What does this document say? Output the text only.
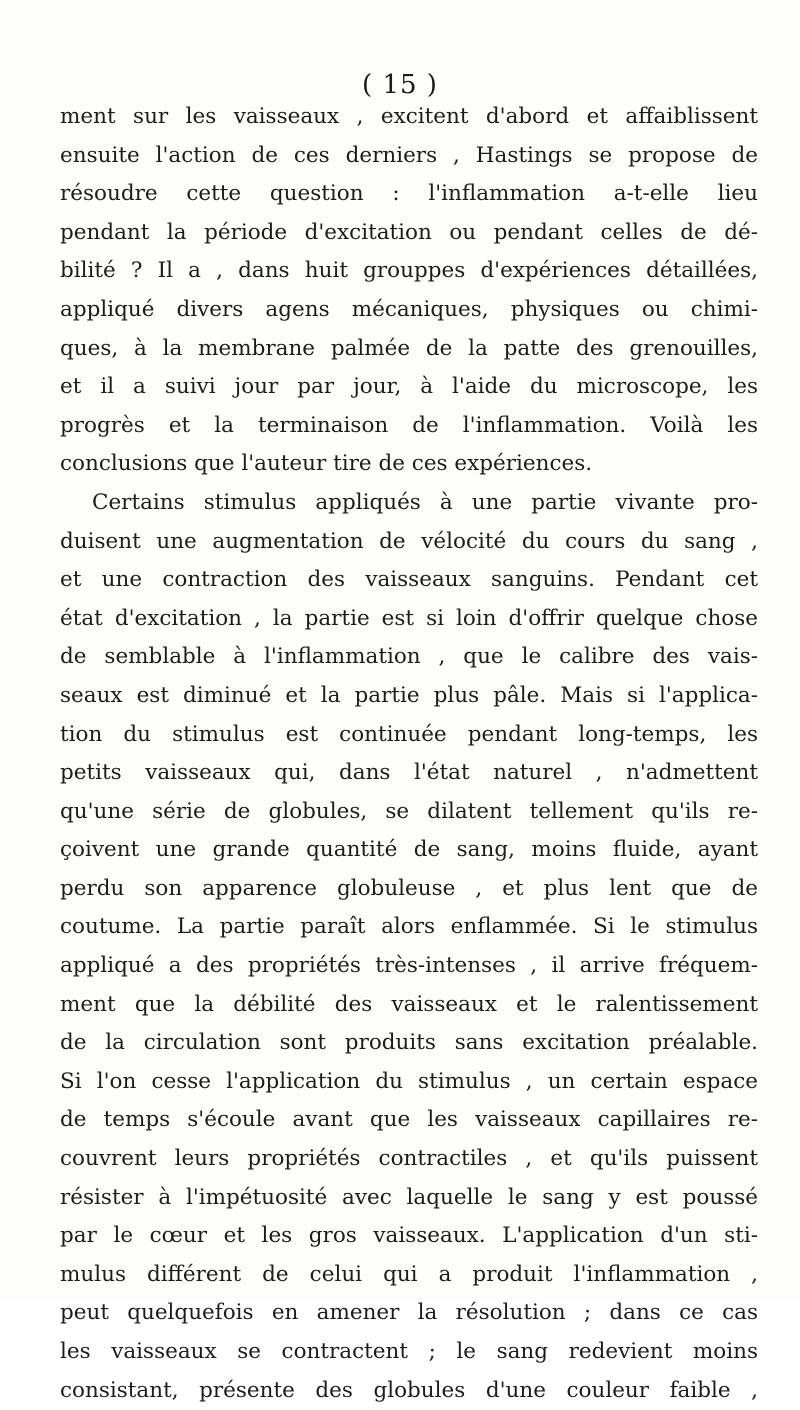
( 15 )
ment sur les vaisseaux , excitent d'abord et affaiblissent
ensuite l'action de ces derniers , Hastings se propose de
résoudre cette question : l'inflammation a-t-elle lieu
pendant la période d'excitation ou pendant celles de dé-
bilité ? Il a , dans huit grouppes d'expériences détaillées,
appliqué divers agens mécaniques, physiques ou chimi-
ques, à la membrane palmée de la patte des grenouilles,
et il a suivi jour par jour, à l'aide du microscope, les
progrès et la terminaison de l'inflammation. Voilà les
conclusions que l'auteur tire de ces expériences.
Certains stimulus appliqués à une partie vivante pro-
duisent une augmentation de vélocité du cours du sang ,
et une contraction des vaisseaux sanguins. Pendant cet
état d'excitation , la partie est si loin d'offrir quelque chose
de semblable à l'inflammation , que le calibre des vais-
seaux est diminué et la partie plus pâle. Mais si l'applica-
tion du stimulus est continuée pendant long-temps, les
petits vaisseaux qui, dans l'état naturel , n'admettent
qu'une série de globules, se dilatent tellement qu'ils re-
çoivent une grande quantité de sang, moins fluide, ayant
perdu son apparence globuleuse , et plus lent que de
coutume. La partie paraît alors enflammée. Si le stimulus
appliqué a des propriétés très-intenses , il arrive fréquem-
ment que la débilité des vaisseaux et le ralentissement
de la circulation sont produits sans excitation préalable.
Si l'on cesse l'application du stimulus , un certain espace
de temps s'écoule avant que les vaisseaux capillaires re-
couvrent leurs propriétés contractiles , et qu'ils puissent
résister à l'impétuosité avec laquelle le sang y est poussé
par le cœur et les gros vaisseaux. L'application d'un sti-
mulus différent de celui qui a produit l'inflammation ,
peut quelquefois en amener la résolution ; dans ce cas
les vaisseaux se contractent ; le sang redevient moins
consistant, présente des globules d'une couleur faible ,
